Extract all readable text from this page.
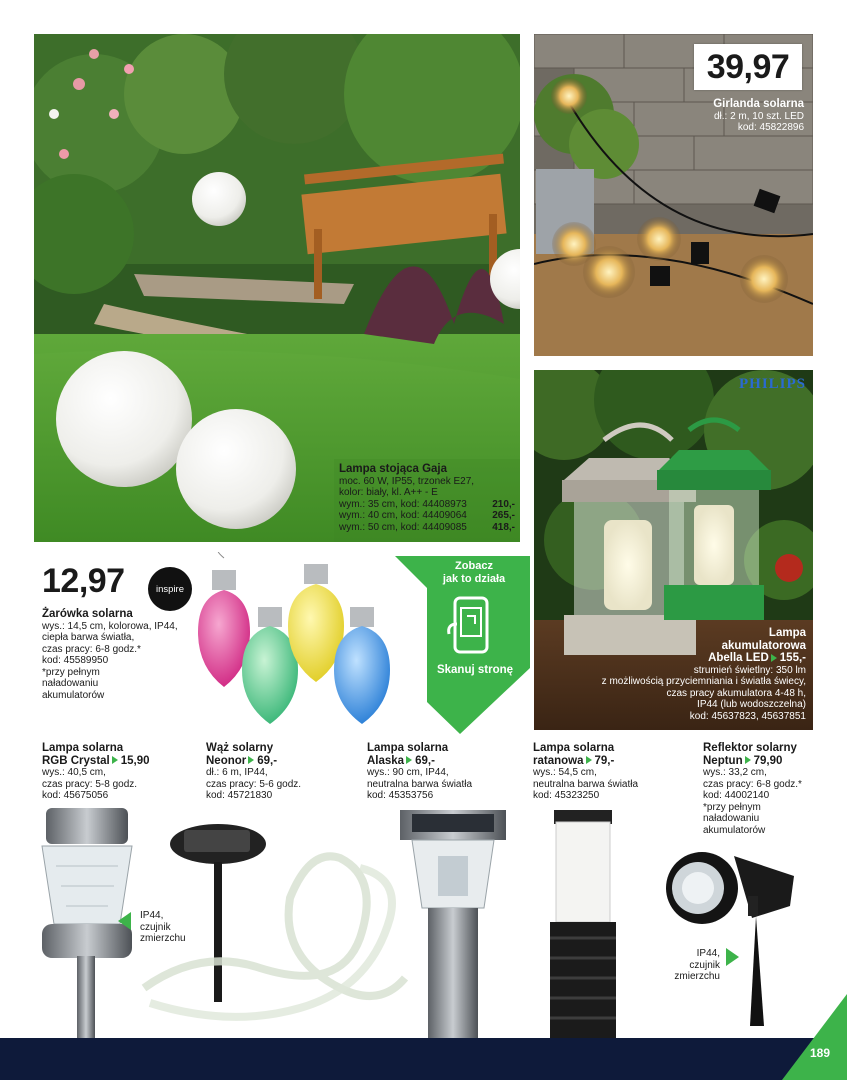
Lampa stojąca Gaja
moc. 60 W, IP55, trzonek E27,
kolor: biały, kl. A++ - E
wym.: 35 cm, kod: 44408973	210,-
wym.: 40 cm, kod: 44409064	265,-
wym.: 50 cm, kod: 44409085	418,-
39,97
Girlanda solarna
dł.: 2 m, 10 szt. LED
kod: 45822896
PHILIPS
Lampa
akumulatorowa
Abella LED 155,-
strumień świetlny: 350 lm
z możliwością przyciemniania i światła świecy,
czas pracy akumulatora 4-48 h,
IP44 (lub wodoszczelna)
kod: 45637823, 45637851
12,97	inspire
Żarówka solarna
wys.: 14,5 cm, kolorowa, IP44,
ciepła barwa światła,
czas pracy: 6-8 godz.*
kod: 45589950
*przy pełnym
naładowaniu
akumulatorów
Zobacz
jak to działa
Skanuj stronę
Lampa solarna
RGB Crystal 15,90
wys.: 40,5 cm,
czas pracy: 5-8 godz.
kod: 45675056
Wąż solarny
Neonor 69,-
dł.: 6 m, IP44,
czas pracy: 5-6 godz.
kod: 45721830
Lampa solarna
Alaska 69,-
wys.: 90 cm, IP44,
neutralna barwa światła
kod: 45353756
Lampa solarna
ratanowa 79,-
wys.: 54,5 cm,
neutralna barwa światła
kod: 45323250
Reflektor solarny
Neptun 79,90
wys.: 33,2 cm,
czas pracy: 6-8 godz.*
kod: 44002140
*przy pełnym
naładowaniu
akumulatorów
IP44,
czujnik
zmierzchu
IP44,
czujnik
zmierzchu
189
